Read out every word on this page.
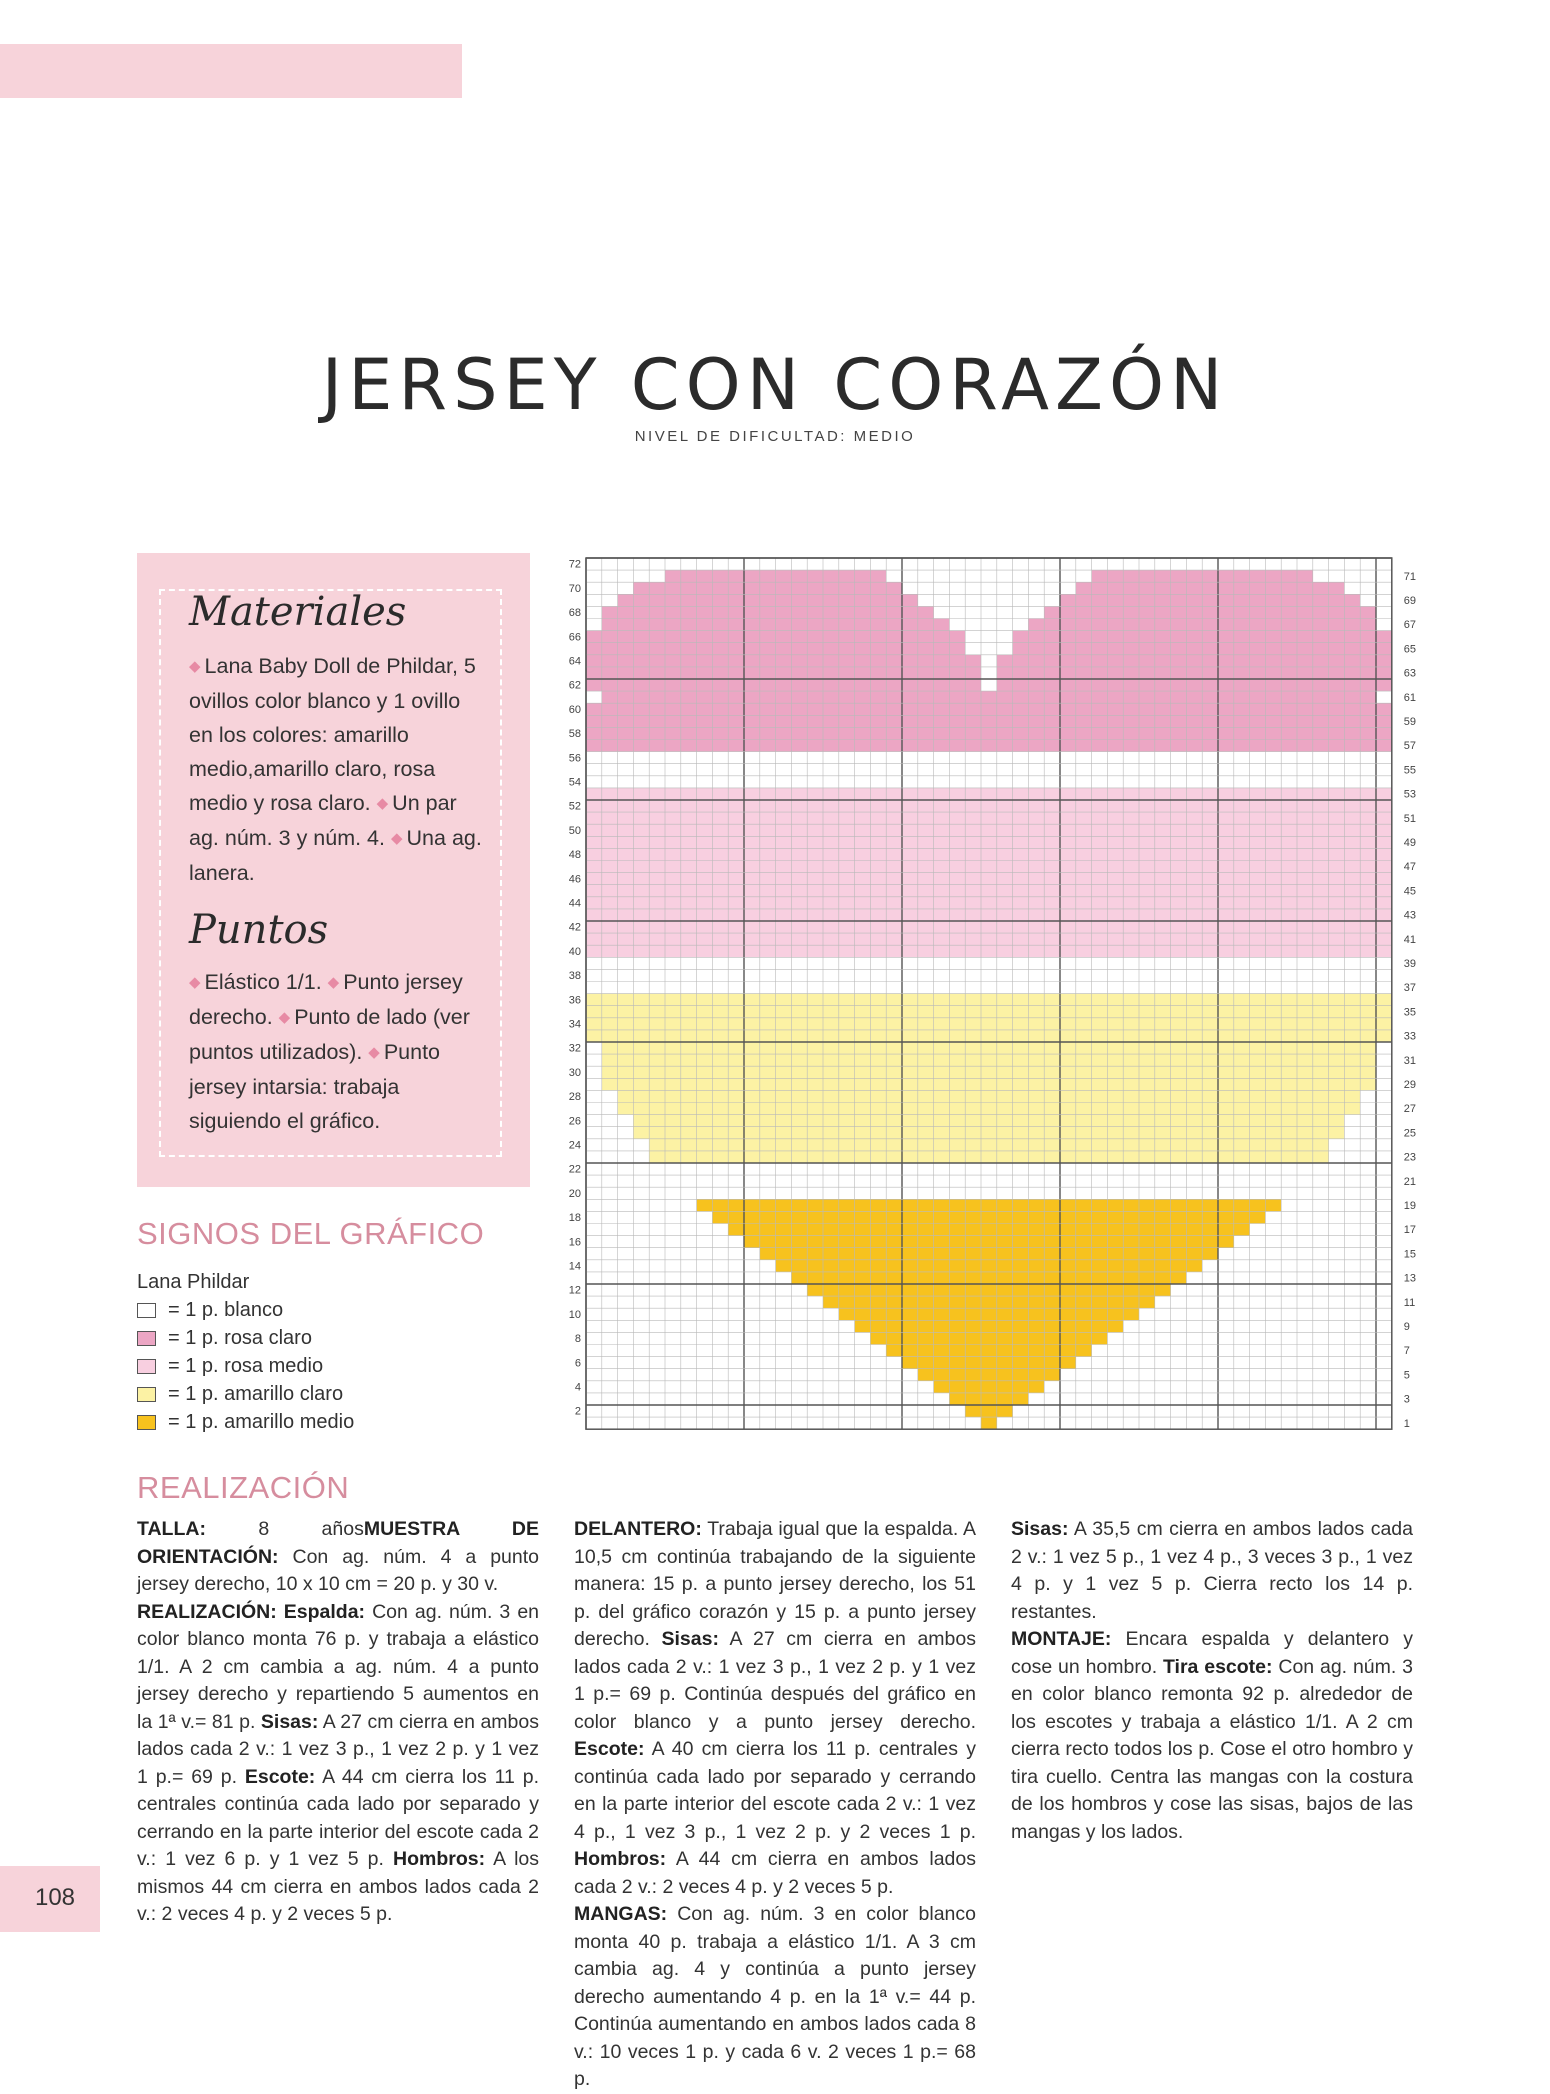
JERSEY CON CORAZÓN
NIVEL DE DIFICULTAD: MEDIO
Materiales
◆ Lana Baby Doll de Phildar, 5 ovillos color blanco y 1 ovillo en los colores: amarillo medio,amarillo claro, rosa medio y rosa claro. ◆ Un par ag. núm. 3 y núm. 4. ◆ Una ag. lanera.
Puntos
◆ Elástico 1/1. ◆ Punto jersey derecho. ◆ Punto de lado (ver puntos utilizados). ◆ Punto jersey intarsia: trabaja siguiendo el gráfico.
SIGNOS DEL GRÁFICO
Lana Phildar
= 1 p. blanco
= 1 p. rosa claro
= 1 p. rosa medio
= 1 p. amarillo claro
= 1 p. amarillo medio	2
4
6
8
10
12
14
16
18
20
22
24
26
28
30
32
34
36
38
40
42
44
46
48
50
52
54
56
58
60
62
64
66
68
70
72
1
3
5
7
9
11
13
15
17
19
21
23
25
27
29
31
33
35
37
39
41
43
45
47
49
51
53
55
57
59
61
63
65
67
69
71
REALIZACIÓN
TALLA: 8 añosMUESTRA DE ORIENTACIÓN: Con ag. núm. 4 a punto jersey derecho, 10 x 10 cm = 20 p. y 30 v.
REALIZACIÓN: Espalda: Con ag. núm. 3 en color blanco monta 76 p. y trabaja a elástico 1/1. A 2 cm cambia a ag. núm. 4 a punto jersey derecho y repartiendo 5 aumentos en la 1ª v.= 81 p. Sisas: A 27 cm cierra en ambos lados cada 2 v.: 1 vez 3 p., 1 vez 2 p. y 1 vez 1 p.= 69 p. Escote: A 44 cm cierra los 11 p. centrales continúa cada lado por separado y cerrando en la parte interior del escote cada 2 v.: 1 vez 6 p. y 1 vez 5 p. Hombros: A los mismos 44 cm cierra en ambos lados cada 2 v.: 2 veces 4 p. y 2 veces 5 p.
DELANTERO: Trabaja igual que la espalda. A 10,5 cm continúa trabajando de la siguiente manera: 15 p. a punto jersey derecho, los 51 p. del gráfico corazón y 15 p. a punto jersey derecho. Sisas: A 27 cm cierra en ambos lados cada 2 v.: 1 vez 3 p., 1 vez 2 p. y 1 vez 1 p.= 69 p. Continúa después del gráfico en color blanco y a punto jersey derecho. Escote: A 40 cm cierra los 11 p. centrales y continúa cada lado por separado y cerrando en la parte interior del escote cada 2 v.: 1 vez 4 p., 1 vez 3 p., 1 vez 2 p. y 2 veces 1 p. Hombros: A 44 cm cierra en ambos lados cada 2 v.: 2 veces 4 p. y 2 veces 5 p.
MANGAS: Con ag. núm. 3 en color blanco monta 40 p. trabaja a elástico 1/1. A 3 cm cambia ag. 4 y continúa a punto jersey derecho aumentando 4 p. en la 1ª v.= 44 p. Continúa aumentando en ambos lados cada 8 v.: 10 veces 1 p. y cada 6 v. 2 veces 1 p.= 68 p.
Sisas: A 35,5 cm cierra en ambos lados cada 2 v.: 1 vez 5 p., 1 vez 4 p., 3 veces 3 p., 1 vez 4 p. y 1 vez 5 p. Cierra recto los 14 p. restantes.
MONTAJE: Encara espalda y delantero y cose un hombro. Tira escote: Con ag. núm. 3 en color blanco remonta 92 p. alrededor de los escotes y trabaja a elástico 1/1. A 2 cm cierra recto todos los p. Cose el otro hombro y tira cuello. Centra las mangas con la costura de los hombros y cose las sisas, bajos de las mangas y los lados.
108
